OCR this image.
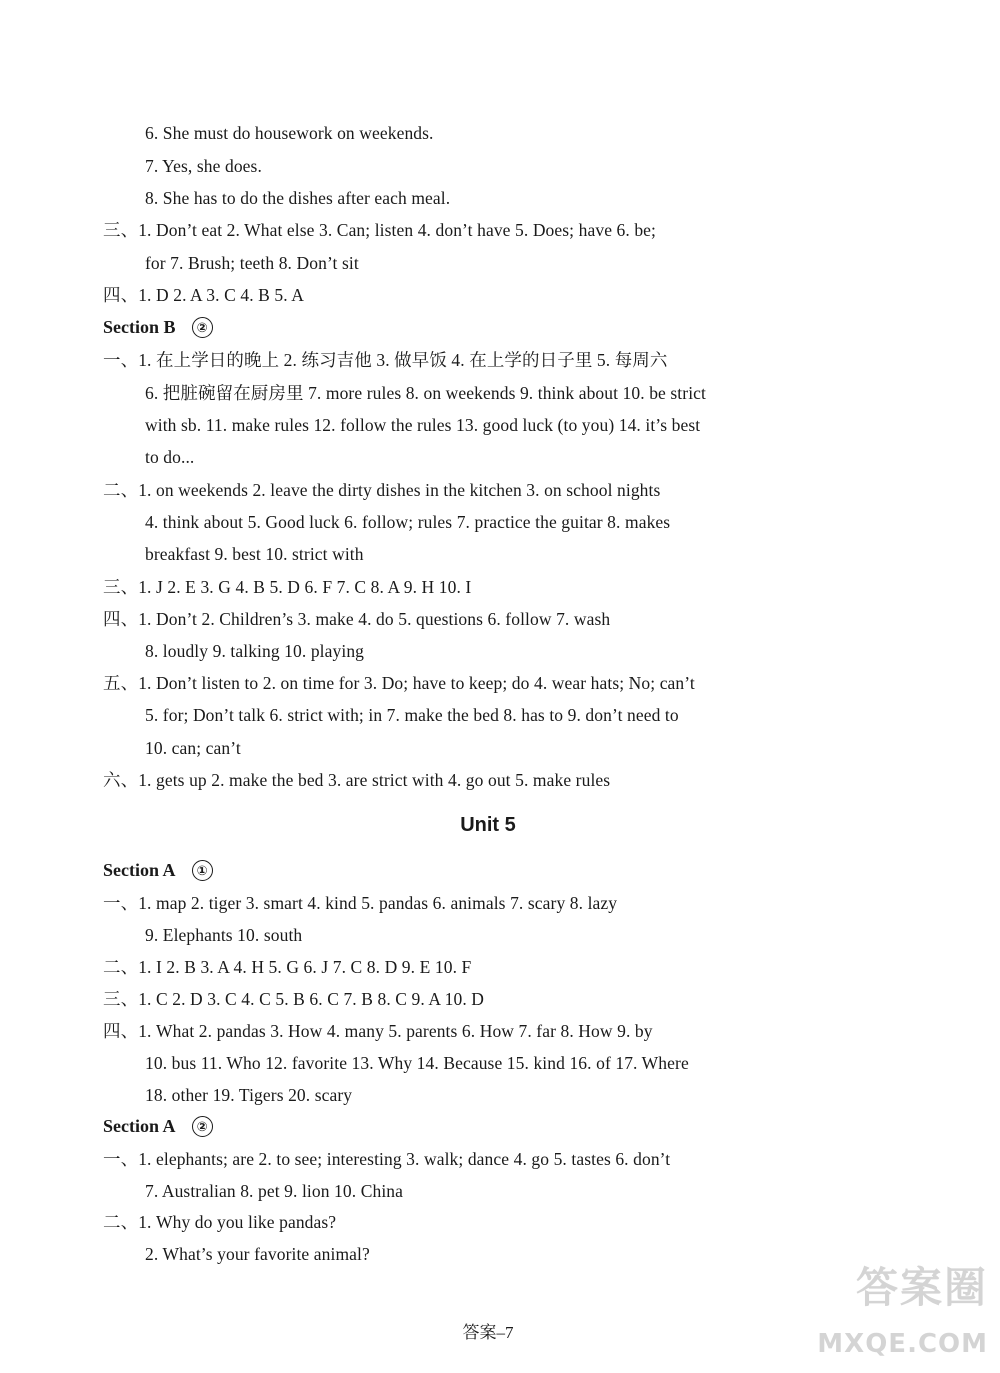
6. She must do housework on weekends.
7. Yes, she does.
8. She has to do the dishes after each meal.
三、1. Don’t eat 2. What else 3. Can; listen 4. don’t have 5. Does; have 6. be;
for 7. Brush; teeth 8. Don’t sit
四、1. D 2. A 3. C 4. B 5. A
Section B ②
一、1. 在上学日的晚上 2. 练习吉他 3. 做早饭 4. 在上学的日子里 5. 每周六
6. 把脏碗留在厨房里 7. more rules 8. on weekends 9. think about 10. be strict
with sb. 11. make rules 12. follow the rules 13. good luck (to you) 14. it’s best
to do...
二、1. on weekends 2. leave the dirty dishes in the kitchen 3. on school nights
4. think about 5. Good luck 6. follow; rules 7. practice the guitar 8. makes
breakfast 9. best 10. strict with
三、1. J 2. E 3. G 4. B 5. D 6. F 7. C 8. A 9. H 10. I
四、1. Don’t 2. Children’s 3. make 4. do 5. questions 6. follow 7. wash
8. loudly 9. talking 10. playing
五、1. Don’t listen to 2. on time for 3. Do; have to keep; do 4. wear hats; No; can’t
5. for; Don’t talk 6. strict with; in 7. make the bed 8. has to 9. don’t need to
10. can; can’t
六、1. gets up 2. make the bed 3. are strict with 4. go out 5. make rules
Unit 5
Section A ①
一、1. map 2. tiger 3. smart 4. kind 5. pandas 6. animals 7. scary 8. lazy
9. Elephants 10. south
二、1. I 2. B 3. A 4. H 5. G 6. J 7. C 8. D 9. E 10. F
三、1. C 2. D 3. C 4. C 5. B 6. C 7. B 8. C 9. A 10. D
四、1. What 2. pandas 3. How 4. many 5. parents 6. How 7. far 8. How 9. by
10. bus 11. Who 12. favorite 13. Why 14. Because 15. kind 16. of 17. Where
18. other 19. Tigers 20. scary
Section A ②
一、1. elephants; are 2. to see; interesting 3. walk; dance 4. go 5. tastes 6. don’t
7. Australian 8. pet 9. lion 10. China
二、1. Why do you like pandas?
2. What’s your favorite animal?
答案–7
答案圈
MXQE.COM
